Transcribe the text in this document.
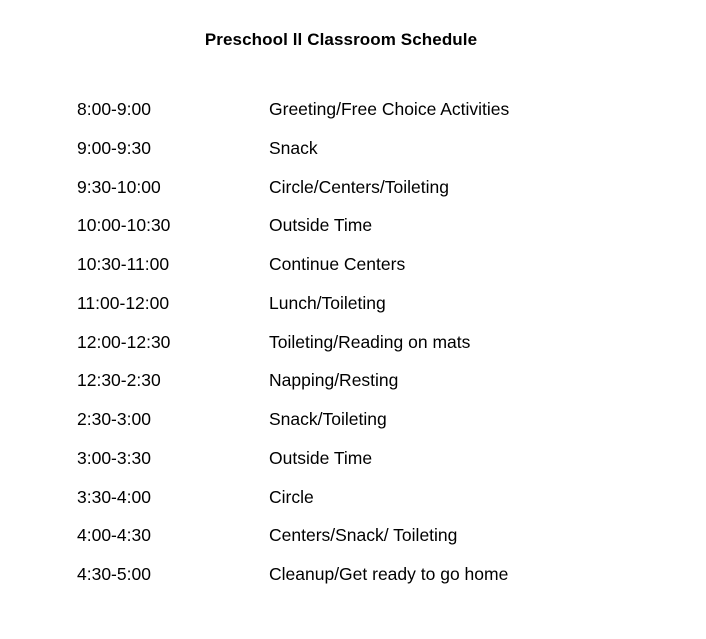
Preschool ll Classroom Schedule
8:00-9:00	Greeting/Free Choice Activities
9:00-9:30	Snack
9:30-10:00	Circle/Centers/Toileting
10:00-10:30	Outside Time
10:30-11:00	Continue Centers
11:00-12:00	Lunch/Toileting
12:00-12:30	Toileting/Reading on mats
12:30-2:30	Napping/Resting
2:30-3:00	Snack/Toileting
3:00-3:30	Outside Time
3:30-4:00	Circle
4:00-4:30	Centers/Snack/ Toileting
4:30-5:00	Cleanup/Get ready to go home
